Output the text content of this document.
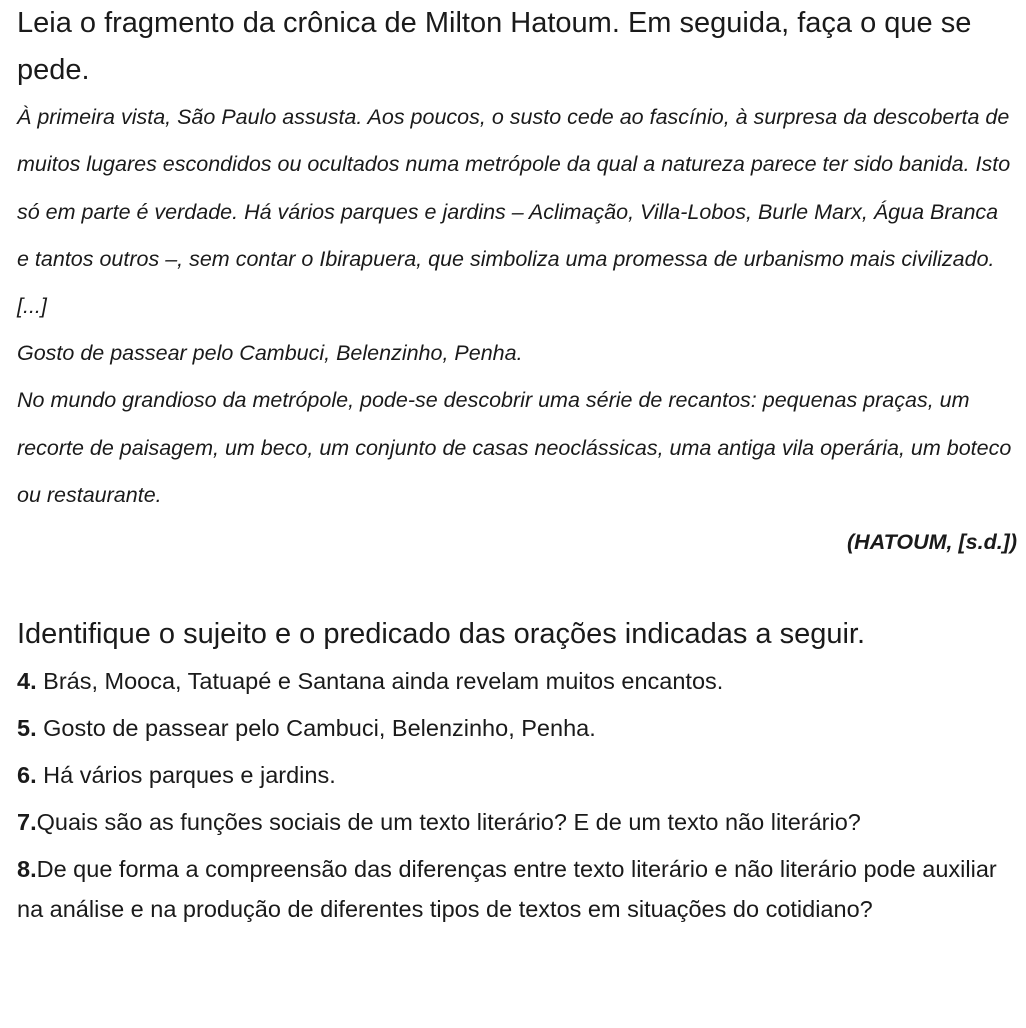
Leia o fragmento da crônica de Milton Hatoum. Em seguida, faça o que se pede.

À primeira vista, São Paulo assusta. Aos poucos, o susto cede ao fascínio, à surpresa da descoberta de muitos lugares escondidos ou ocultados numa metrópole da qual a natureza parece ter sido banida. Isto só em parte é verdade. Há vários parques e jardins – Aclimação, Villa-Lobos, Burle Marx, Água Branca e tantos outros –, sem contar o Ibirapuera, que simboliza uma promessa de urbanismo mais civilizado. [...]

Gosto de passear pelo Cambuci, Belenzinho, Penha.

No mundo grandioso da metrópole, pode-se descobrir uma série de recantos: pequenas praças, um recorte de paisagem, um beco, um conjunto de casas neoclássicas, uma antiga vila operária, um boteco ou restaurante.

(HATOUM, [s.d.])
Identifique o sujeito e o predicado das orações indicadas a seguir.

4. Brás, Mooca, Tatuapé e Santana ainda revelam muitos encantos.

5. Gosto de passear pelo Cambuci, Belenzinho, Penha.

6. Há vários parques e jardins.

7.Quais são as funções sociais de um texto literário? E de um texto não literário?

8.De que forma a compreensão das diferenças entre texto literário e não literário pode auxiliar na análise e na produção de diferentes tipos de textos em situações do cotidiano?
